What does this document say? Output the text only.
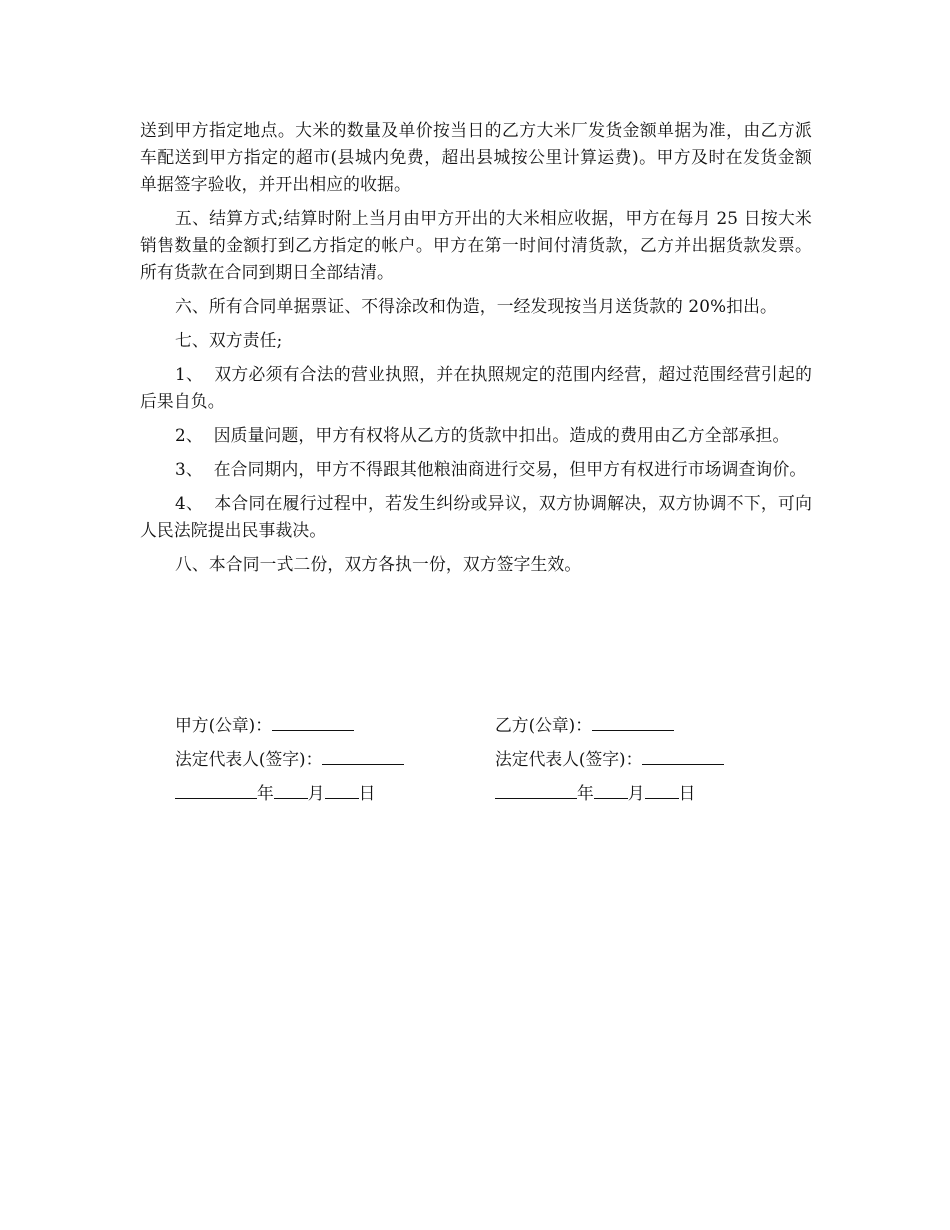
送到甲方指定地点。大米的数量及单价按当日的乙方大米厂发货金额单据为准，由乙方派车配送到甲方指定的超市(县城内免费，超出县城按公里计算运费)。甲方及时在发货金额单据签字验收，并开出相应的收据。

五、结算方式;结算时附上当月由甲方开出的大米相应收据，甲方在每月 25 日按大米销售数量的金额打到乙方指定的帐户。甲方在第一时间付清货款，乙方并出据货款发票。所有货款在合同到期日全部结清。

六、所有合同单据票证、不得涂改和伪造，一经发现按当月送货款的 20%扣出。

七、双方责任;

1、  双方必须有合法的营业执照，并在执照规定的范围内经营，超过范围经营引起的后果自负。

2、  因质量问题，甲方有权将从乙方的货款中扣出。造成的费用由乙方全部承担。

3、  在合同期内，甲方不得跟其他粮油商进行交易，但甲方有权进行市场调查询价。

4、  本合同在履行过程中，若发生纠纷或异议，双方协调解决，双方协调不下，可向人民法院提出民事裁决。

八、本合同一式二份，双方各执一份，双方签字生效。

甲方(公章)：	乙方(公章)：
法定代表人(签字)：	法定代表人(签字)：
年 月 日	年 月 日
